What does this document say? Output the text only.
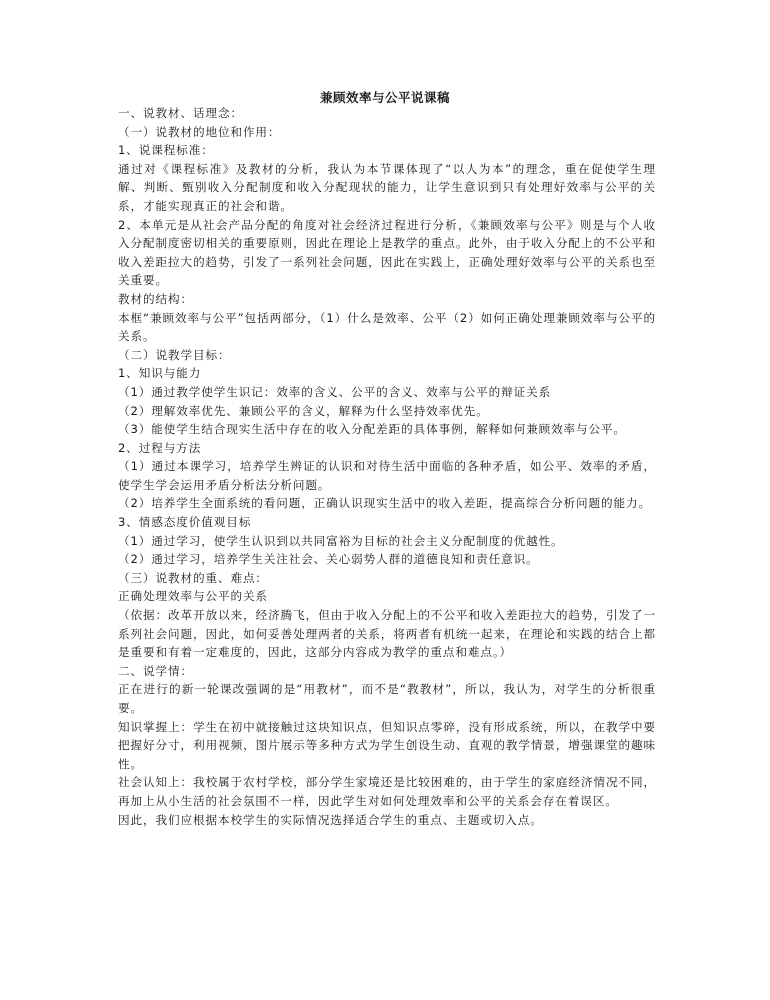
兼顾效率与公平说课稿

一、说教材、话理念：

（一）说教材的地位和作用：

1、说课程标准：

通过对《课程标准》及教材的分析，我认为本节课体现了“以人为本”的理念，重在促使学生理解、判断、甄别收入分配制度和收入分配现状的能力，让学生意识到只有处理好效率与公平的关系，才能实现真正的社会和谐。

2、本单元是从社会产品分配的角度对社会经济过程进行分析，《兼顾效率与公平》则是与个人收入分配制度密切相关的重要原则，因此在理论上是教学的重点。此外，由于收入分配上的不公平和收入差距拉大的趋势，引发了一系列社会问题，因此在实践上，正确处理好效率与公平的关系也至关重要。

教材的结构：

本框“兼顾效率与公平”包括两部分，（1）什么是效率、公平（2）如何正确处理兼顾效率与公平的关系。

（二）说教学目标：

1、知识与能力

（1）通过教学使学生识记：效率的含义、公平的含义、效率与公平的辩证关系

（2）理解效率优先、兼顾公平的含义，解释为什么坚持效率优先。

（3）能使学生结合现实生活中存在的收入分配差距的具体事例，解释如何兼顾效率与公平。

2、过程与方法

（1）通过本课学习，培养学生辨证的认识和对待生活中面临的各种矛盾，如公平、效率的矛盾，使学生学会运用矛盾分析法分析问题。

（2）培养学生全面系统的看问题，正确认识现实生活中的收入差距，提高综合分析问题的能力。

3、情感态度价值观目标

（1）通过学习，使学生认识到以共同富裕为目标的社会主义分配制度的优越性。

（2）通过学习，培养学生关注社会、关心弱势人群的道德良知和责任意识。

（三）说教材的重、难点：

正确处理效率与公平的关系

（依据：改革开放以来，经济腾飞，但由于收入分配上的不公平和收入差距拉大的趋势，引发了一系列社会问题，因此，如何妥善处理两者的关系，将两者有机统一起来，在理论和实践的结合上都是重要和有着一定难度的，因此，这部分内容成为教学的重点和难点。）

二、说学情：

正在进行的新一轮课改强调的是“用教材”，而不是“教教材”，所以，我认为，对学生的分析很重要。

知识掌握上：学生在初中就接触过这块知识点，但知识点零碎，没有形成系统，所以，在教学中要把握好分寸，利用视频，图片展示等多种方式为学生创设生动、直观的教学情景，增强课堂的趣味性。

社会认知上：我校属于农村学校，部分学生家境还是比较困难的，由于学生的家庭经济情况不同，再加上从小生活的社会氛围不一样，因此学生对如何处理效率和公平的关系会存在着误区。

因此，我们应根据本校学生的实际情况选择适合学生的重点、主题或切入点。
